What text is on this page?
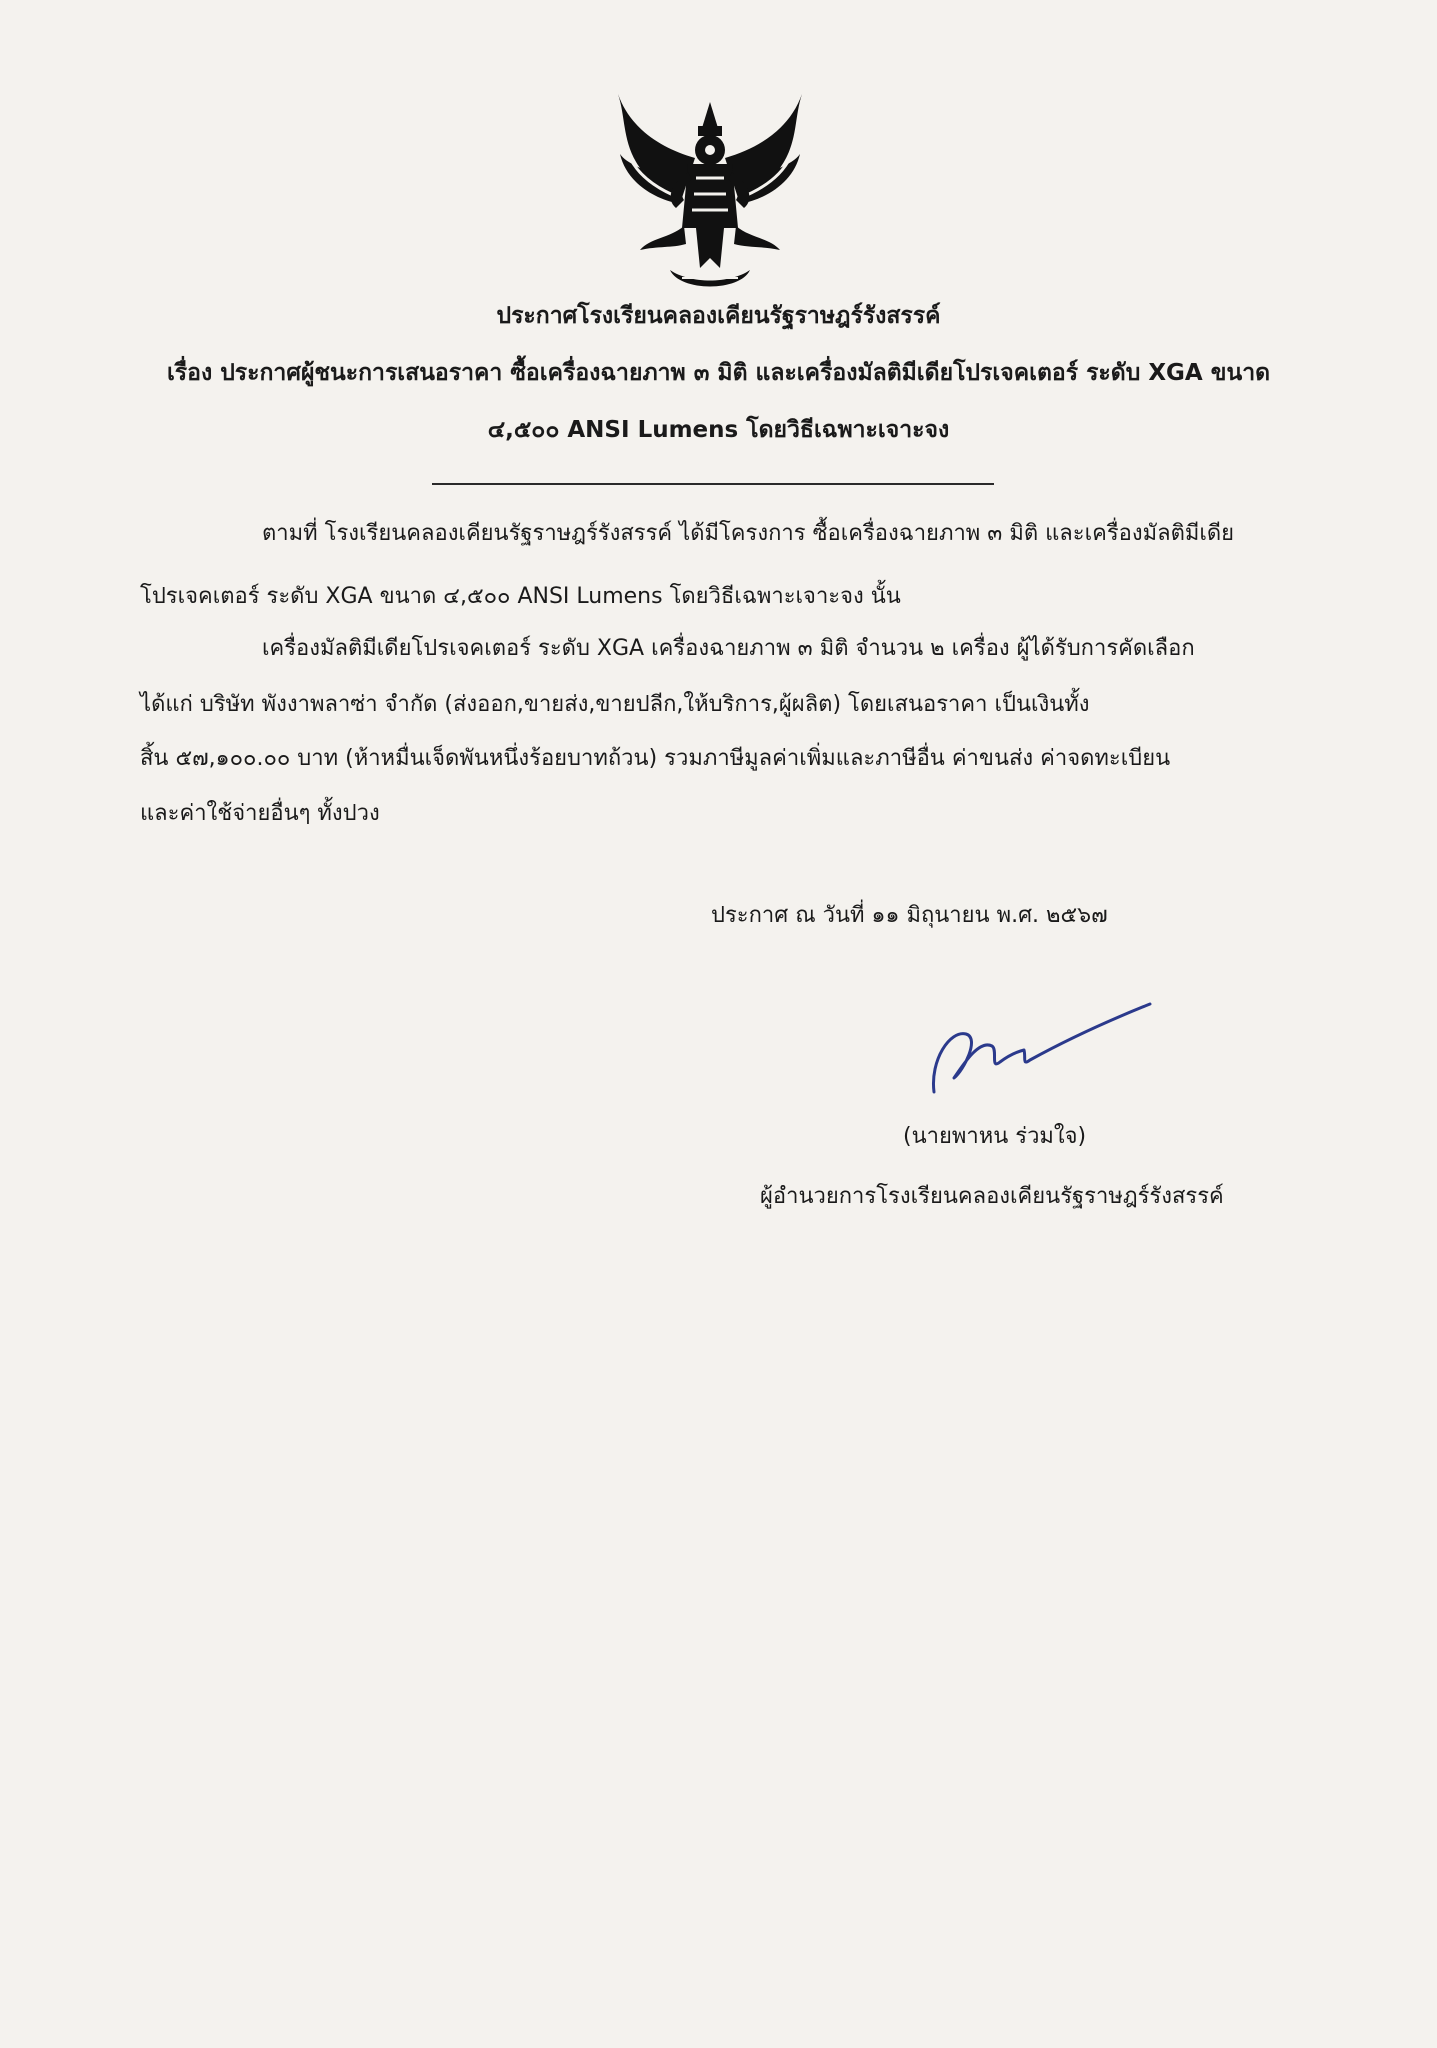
ประกาศโรงเรียนคลองเคียนรัฐราษฎร์รังสรรค์
เรื่อง ประกาศผู้ชนะการเสนอราคา ซื้อเครื่องฉายภาพ ๓ มิติ และเครื่องมัลติมีเดียโปรเจคเตอร์ ระดับ XGA ขนาด
๔,๕๐๐ ANSI Lumens โดยวิธีเฉพาะเจาะจง
ตามที่ โรงเรียนคลองเคียนรัฐราษฎร์รังสรรค์ ได้มีโครงการ ซื้อเครื่องฉายภาพ ๓ มิติ และเครื่องมัลติมีเดีย
โปรเจคเตอร์ ระดับ XGA ขนาด ๔,๕๐๐ ANSI Lumens โดยวิธีเฉพาะเจาะจง นั้น
เครื่องมัลติมีเดียโปรเจคเตอร์ ระดับ XGA เครื่องฉายภาพ ๓ มิติ จำนวน ๒ เครื่อง ผู้ได้รับการคัดเลือก
ได้แก่ บริษัท พังงาพลาซ่า จำกัด (ส่งออก,ขายส่ง,ขายปลีก,ให้บริการ,ผู้ผลิต) โดยเสนอราคา เป็นเงินทั้ง
สิ้น ๕๗,๑๐๐.๐๐ บาท (ห้าหมื่นเจ็ดพันหนึ่งร้อยบาทถ้วน) รวมภาษีมูลค่าเพิ่มและภาษีอื่น ค่าขนส่ง ค่าจดทะเบียน
และค่าใช้จ่ายอื่นๆ ทั้งปวง
ประกาศ ณ วันที่ ๑๑ มิถุนายน พ.ศ. ๒๕๖๗
(นายพาหน ร่วมใจ)
ผู้อำนวยการโรงเรียนคลองเคียนรัฐราษฎร์รังสรรค์
